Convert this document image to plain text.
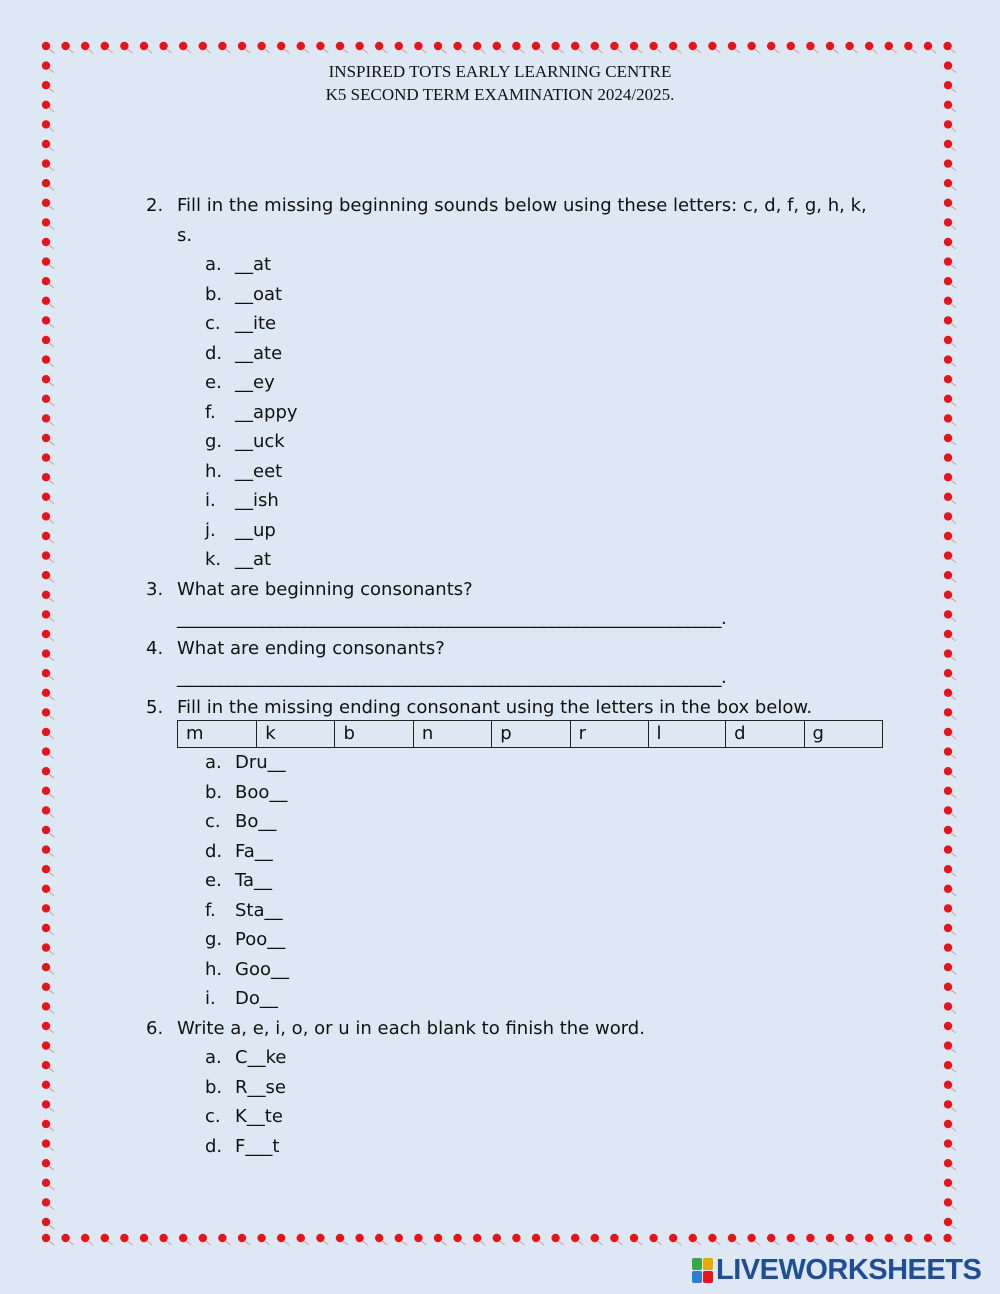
INSPIRED TOTS EARLY LEARNING CENTRE
K5 SECOND TERM EXAMINATION 2024/2025.
2. Fill in the missing beginning sounds below using these letters: c, d, f, g, h, k, s.
a. __at
b. __oat
c. __ite
d. __ate
e. __ey
f.	__appy
g. __uck
h. __eet
i.	__ish
j.	__up
k. __at
3. What are beginning consonants?
________________________________________________________________.
4. What are ending consonants?
________________________________________________________________.
5. Fill in the missing ending consonant using the letters in the box below.
m	k	b	n	p	r	l	d	g
a. Dru__
b. Boo__
c. Bo__
d. Fa__
e. Ta__
f.	Sta__
g. Poo__
h. Goo__
i.	Do__
6. Write a, e, i, o, or u in each blank to finish the word.
a. C__ke
b. R__se
c. K__te
d. F___t
LIVEWORKSHEETS
